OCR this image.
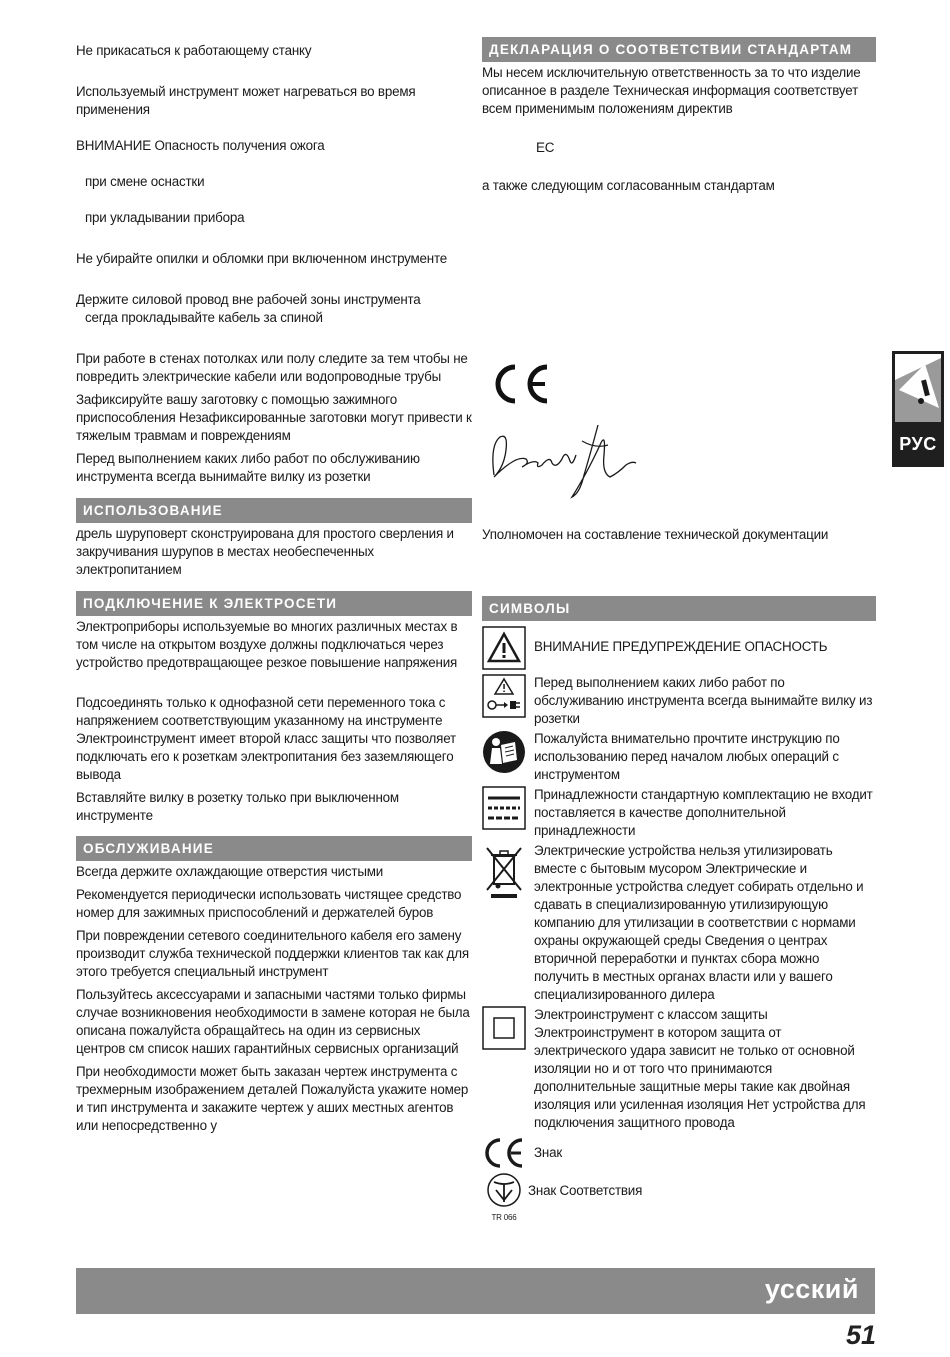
Не прикасаться к работающему станку

Используемый инструмент может нагреваться во время применения

ВНИМАНИЕ Опасность получения ожога

при смене оснастки

при укладывании прибора

Не убирайте опилки и обломки при включенном инструменте

Держите силовой провод вне рабочей зоны инструмента

сегда прокладывайте кабель за спиной

При работе в стенах потолках или полу следите за тем чтобы не повредить электрические кабели или водопроводные трубы

Зафиксируйте вашу заготовку с помощью зажимного приспособления Незафиксированные заготовки могут привести к тяжелым травмам и повреждениям

Перед выполнением каких либо работ по обслуживанию инструмента всегда вынимайте вилку из розетки

ИСПОЛЬЗОВАНИЕ

дрель шуруповерт сконструирована для простого сверления и закручивания шурупов в местах необеспеченных электропитанием

ПОДКЛЮЧЕНИЕ К ЭЛЕКТРОСЕТИ

Электроприборы используемые во многих различных местах в том числе на открытом воздухе должны подключаться через устройство предотвращающее резкое повышение напряжения

Подсоединять только к однофазной сети переменного тока с напряжением соответствующим указанному на инструменте Электроинструмент имеет второй класс защиты что позволяет подключать его к розеткам электропитания без заземляющего вывода

Вставляйте вилку в розетку только при выключенном инструменте

ОБСЛУЖИВАНИЕ

Всегда держите охлаждающие отверстия чистыми

Рекомендуется периодически использовать чистящее средство номер для зажимных приспособлений и держателей буров

При повреждении сетевого соединительного кабеля его замену производит служба технической поддержки клиентов так как для этого требуется специальный инструмент

Пользуйтесь аксессуарами и запасными частями только фирмы
случае возникновения необходимости в замене которая не была описана пожалуйста обращайтесь на один из сервисных центров см список наших гарантийных сервисных организаций

При необходимости может быть заказан чертеж инструмента с трехмерным изображением деталей Пожалуйста укажите номер и тип инструмента и закажите чертеж у аших местных агентов или непосредственно у

ДЕКЛАРАЦИЯ О СООТВЕТСТВИИ СТАНДАРТАМ

Мы несем исключительную ответственность за то что изделие описанное в разделе Техническая информация соответствует всем применимым положениям директив

ЕС

а также следующим согласованным стандартам

Уполномочен на составление технической документации

СИМВОЛЫ
ВНИМАНИЕ ПРЕДУПРЕЖДЕНИЕ ОПАСНОСТЬ
Перед выполнением каких либо работ по обслуживанию инструмента всегда вынимайте вилку из розетки
Пожалуйста внимательно прочтите инструкцию по использованию перед началом любых операций с инструментом
Принадлежности стандартную комплектацию не входит поставляется в качестве дополнительной принадлежности
Электрические устройства нельзя утилизировать вместе с бытовым мусором Электрические и электронные устройства следует собирать отдельно и сдавать в специализированную утилизирующую компанию для утилизации в соответствии с нормами охраны окружающей среды Сведения о центрах вторичной переработки и пунктах сбора можно получить в местных органах власти или у вашего специализированного дилера
Электроинструмент с классом защиты
Электроинструмент в котором защита от электрического удара зависит не только от основной изоляции но и от того что принимаются дополнительные защитные меры такие как двойная изоляция или усиленная изоляция Нет устройства для подключения защитного провода
Знак
TR 066
Знак Соответствия
РУС
усский
51
